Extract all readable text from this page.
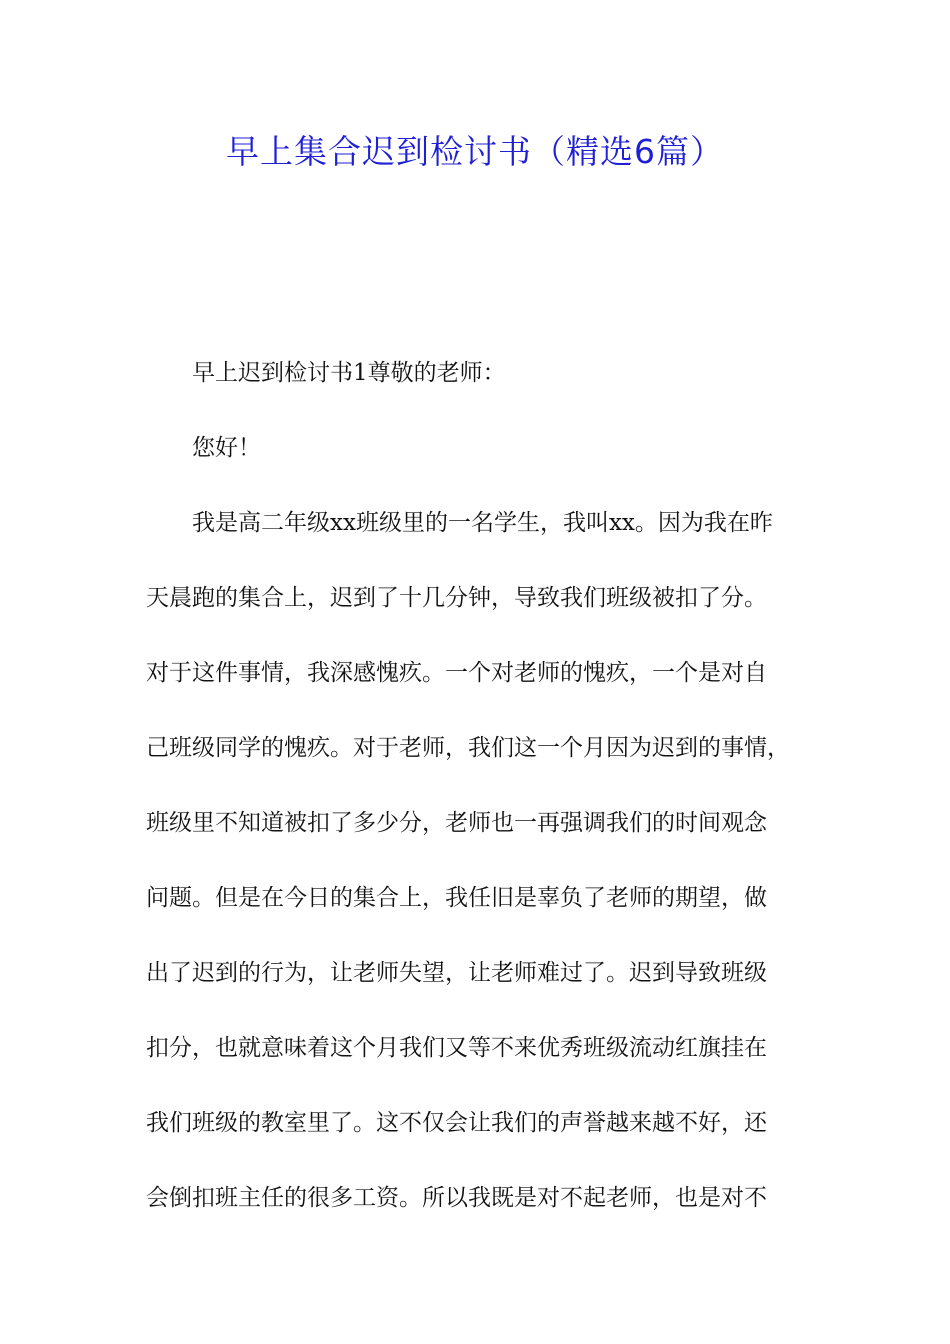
早上集合迟到检讨书（精选6篇）

早上迟到检讨书1尊敬的老师：

您好！

我是高二年级xx班级里的一名学生，我叫xx。因为我在昨

天晨跑的集合上，迟到了十几分钟，导致我们班级被扣了分。

对于这件事情，我深感愧疚。一个对老师的愧疚，一个是对自

己班级同学的愧疚。对于老师，我们这一个月因为迟到的事情，

班级里不知道被扣了多少分，老师也一再强调我们的时间观念

问题。但是在今日的集合上，我任旧是辜负了老师的期望，做

出了迟到的行为，让老师失望，让老师难过了。迟到导致班级

扣分，也就意味着这个月我们又等不来优秀班级流动红旗挂在

我们班级的教室里了。这不仅会让我们的声誉越来越不好，还

会倒扣班主任的很多工资。所以我既是对不起老师，也是对不
